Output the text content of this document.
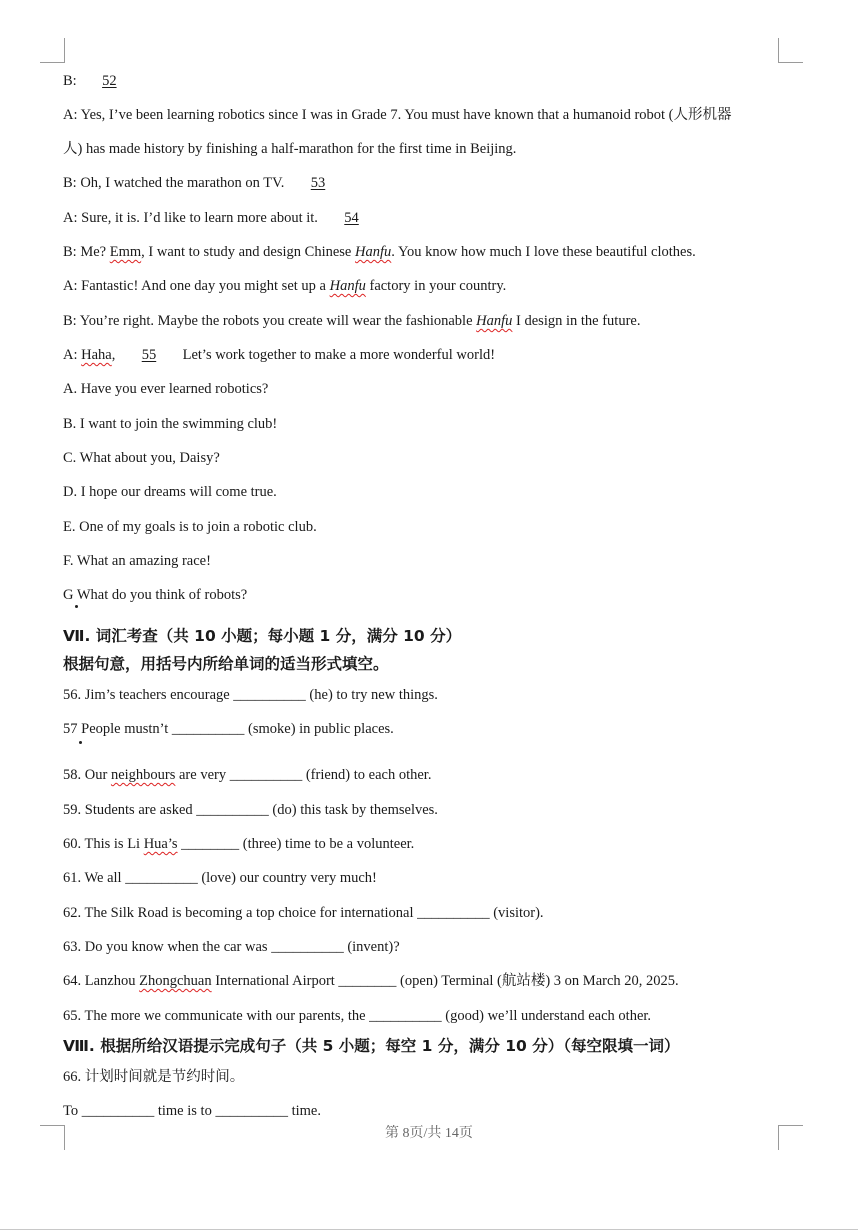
B: 52

A: Yes, I’ve been learning robotics since I was in Grade 7. You must have known that a humanoid robot (人形机器

人) has made history by finishing a half-marathon for the first time in Beijing.

B: Oh, I watched the marathon on TV. 53

A: Sure, it is. I’d like to learn more about it. 54

B: Me? Emm, I want to study and design Chinese Hanfu. You know how much I love these beautiful clothes.

A: Fantastic! And one day you might set up a Hanfu factory in your country.

B: You’re right. Maybe the robots you create will wear the fashionable Hanfu I design in the future.

A: Haha, 55 Let’s work together to make a more wonderful world!

A. Have you ever learned robotics?

B. I want to join the swimming club!

C. What about you, Daisy?

D. I hope our dreams will come true.

E. One of my goals is to join a robotic club.

F. What an amazing race!

G What do you think of robots?

Ⅶ. 词汇考查（共 10 小题；每小题 1 分，满分 10 分）

根据句意，用括号内所给单词的适当形式填空。

56. Jim’s teachers encourage __________ (he) to try new things.

57 People mustn’t __________ (smoke) in public places.

58. Our neighbours are very __________ (friend) to each other.

59. Students are asked __________ (do) this task by themselves.

60. This is Li Hua’s ________ (three) time to be a volunteer.

61. We all __________ (love) our country very much!

62. The Silk Road is becoming a top choice for international __________ (visitor).

63. Do you know when the car was __________ (invent)?

64. Lanzhou Zhongchuan International Airport ________ (open) Terminal (航站楼) 3 on March 20, 2025.

65. The more we communicate with our parents, the __________ (good) we’ll understand each other.

Ⅷ. 根据所给汉语提示完成句子（共 5 小题；每空 1 分，满分 10 分）（每空限填一词）

66. 计划时间就是节约时间。

To __________ time is to __________ time.

第 8页/共 14页
